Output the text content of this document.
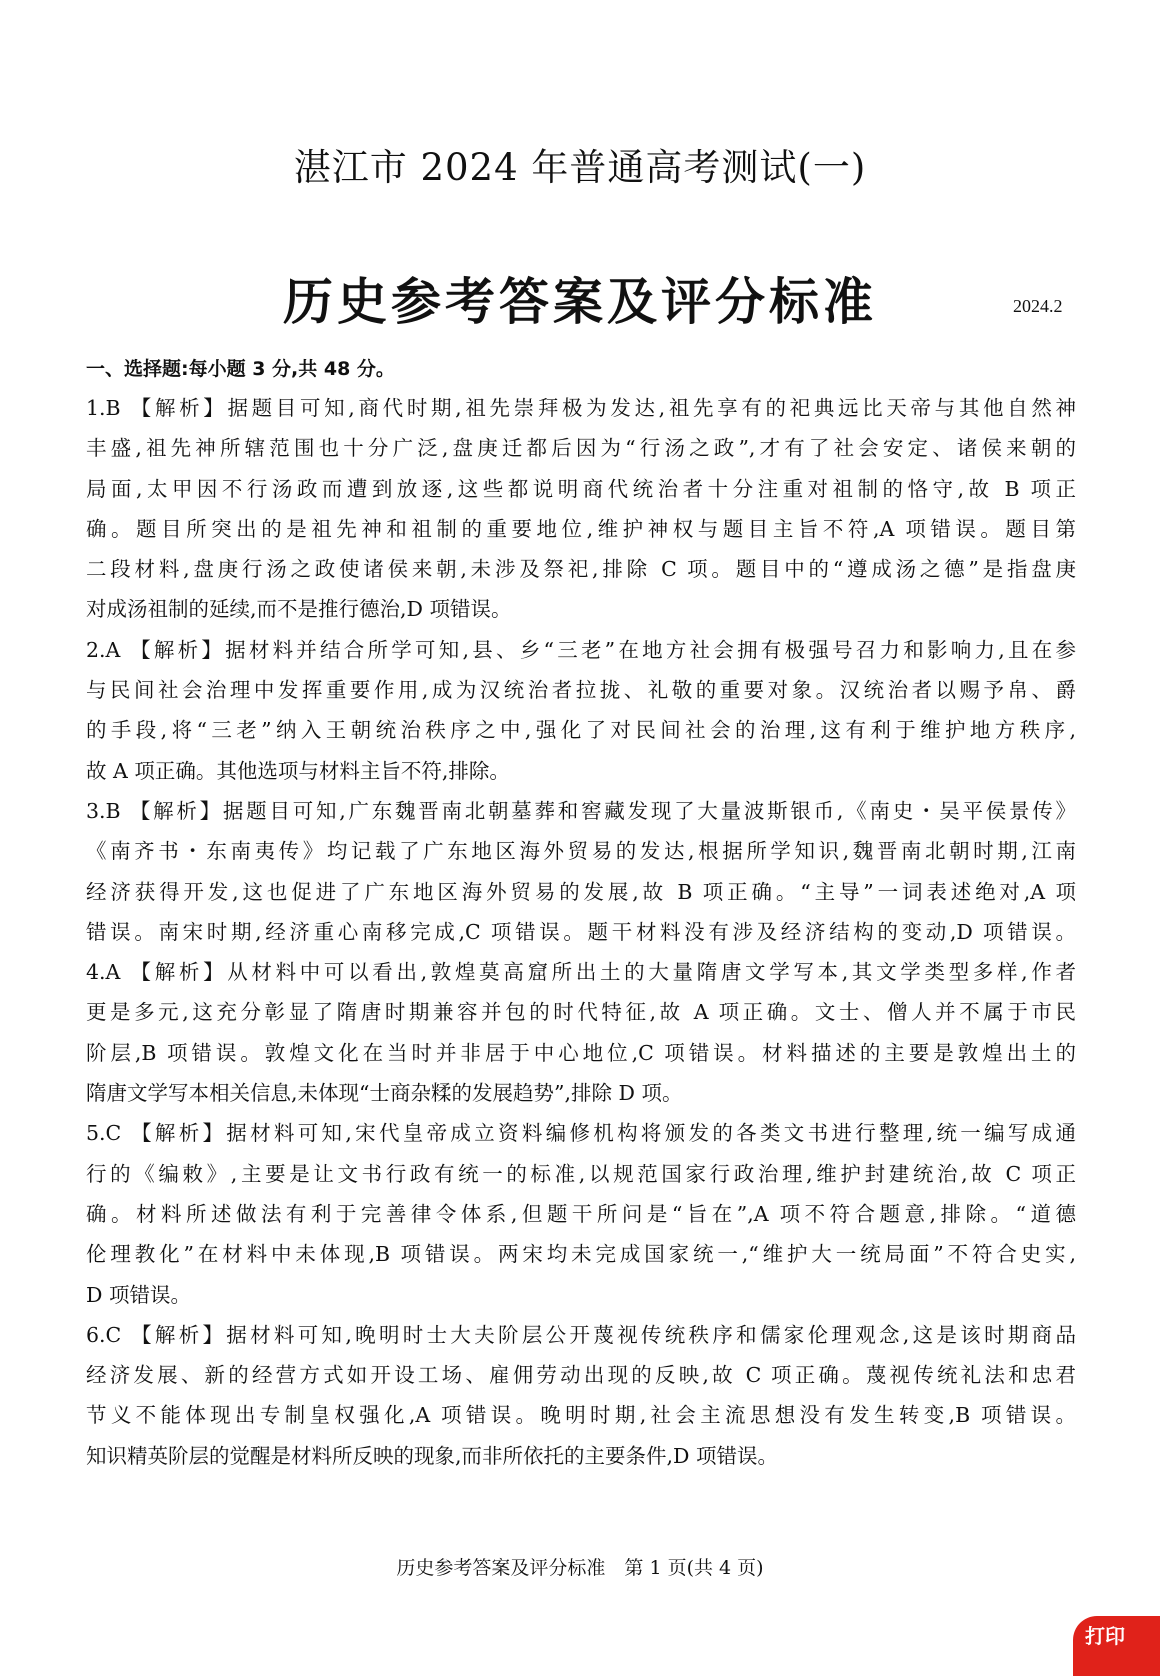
湛江市 2024 年普通高考测试(一)
历史参考答案及评分标准	2024.2
一、选择题:每小题 3 分,共 48 分。
1.B 【解析】据题目可知,商代时期,祖先崇拜极为发达,祖先享有的祀典远比天帝与其他自然神
丰盛,祖先神所辖范围也十分广泛,盘庚迁都后因为“行汤之政”,才有了社会安定、诸侯来朝的
局面,太甲因不行汤政而遭到放逐,这些都说明商代统治者十分注重对祖制的恪守,故 B 项正
确。题目所突出的是祖先神和祖制的重要地位,维护神权与题目主旨不符,A 项错误。题目第
二段材料,盘庚行汤之政使诸侯来朝,未涉及祭祀,排除 C 项。题目中的“遵成汤之德”是指盘庚
对成汤祖制的延续,而不是推行德治,D 项错误。
2.A 【解析】据材料并结合所学可知,县、乡“三老”在地方社会拥有极强号召力和影响力,且在参
与民间社会治理中发挥重要作用,成为汉统治者拉拢、礼敬的重要对象。汉统治者以赐予帛、爵
的手段,将“三老”纳入王朝统治秩序之中,强化了对民间社会的治理,这有利于维护地方秩序,
故 A 项正确。其他选项与材料主旨不符,排除。
3.B 【解析】据题目可知,广东魏晋南北朝墓葬和窖藏发现了大量波斯银币,《南史・吴平侯景传》
《南齐书・东南夷传》均记载了广东地区海外贸易的发达,根据所学知识,魏晋南北朝时期,江南
经济获得开发,这也促进了广东地区海外贸易的发展,故 B 项正确。“主导”一词表述绝对,A 项
错误。南宋时期,经济重心南移完成,C 项错误。题干材料没有涉及经济结构的变动,D 项错误。
4.A 【解析】从材料中可以看出,敦煌莫高窟所出土的大量隋唐文学写本,其文学类型多样,作者
更是多元,这充分彰显了隋唐时期兼容并包的时代特征,故 A 项正确。文士、僧人并不属于市民
阶层,B 项错误。敦煌文化在当时并非居于中心地位,C 项错误。材料描述的主要是敦煌出土的
隋唐文学写本相关信息,未体现“士商杂糅的发展趋势”,排除 D 项。
5.C 【解析】据材料可知,宋代皇帝成立资料编修机构将颁发的各类文书进行整理,统一编写成通
行的《编敕》,主要是让文书行政有统一的标准,以规范国家行政治理,维护封建统治,故 C 项正
确。材料所述做法有利于完善律令体系,但题干所问是“旨在”,A 项不符合题意,排除。“道德
伦理教化”在材料中未体现,B 项错误。两宋均未完成国家统一,“维护大一统局面”不符合史实,
D 项错误。
6.C 【解析】据材料可知,晚明时士大夫阶层公开蔑视传统秩序和儒家伦理观念,这是该时期商品
经济发展、新的经营方式如开设工场、雇佣劳动出现的反映,故 C 项正确。蔑视传统礼法和忠君
节义不能体现出专制皇权强化,A 项错误。晚明时期,社会主流思想没有发生转变,B 项错误。
知识精英阶层的觉醒是材料所反映的现象,而非所依托的主要条件,D 项错误。
历史参考答案及评分标准　第 1 页(共 4 页)
打印
